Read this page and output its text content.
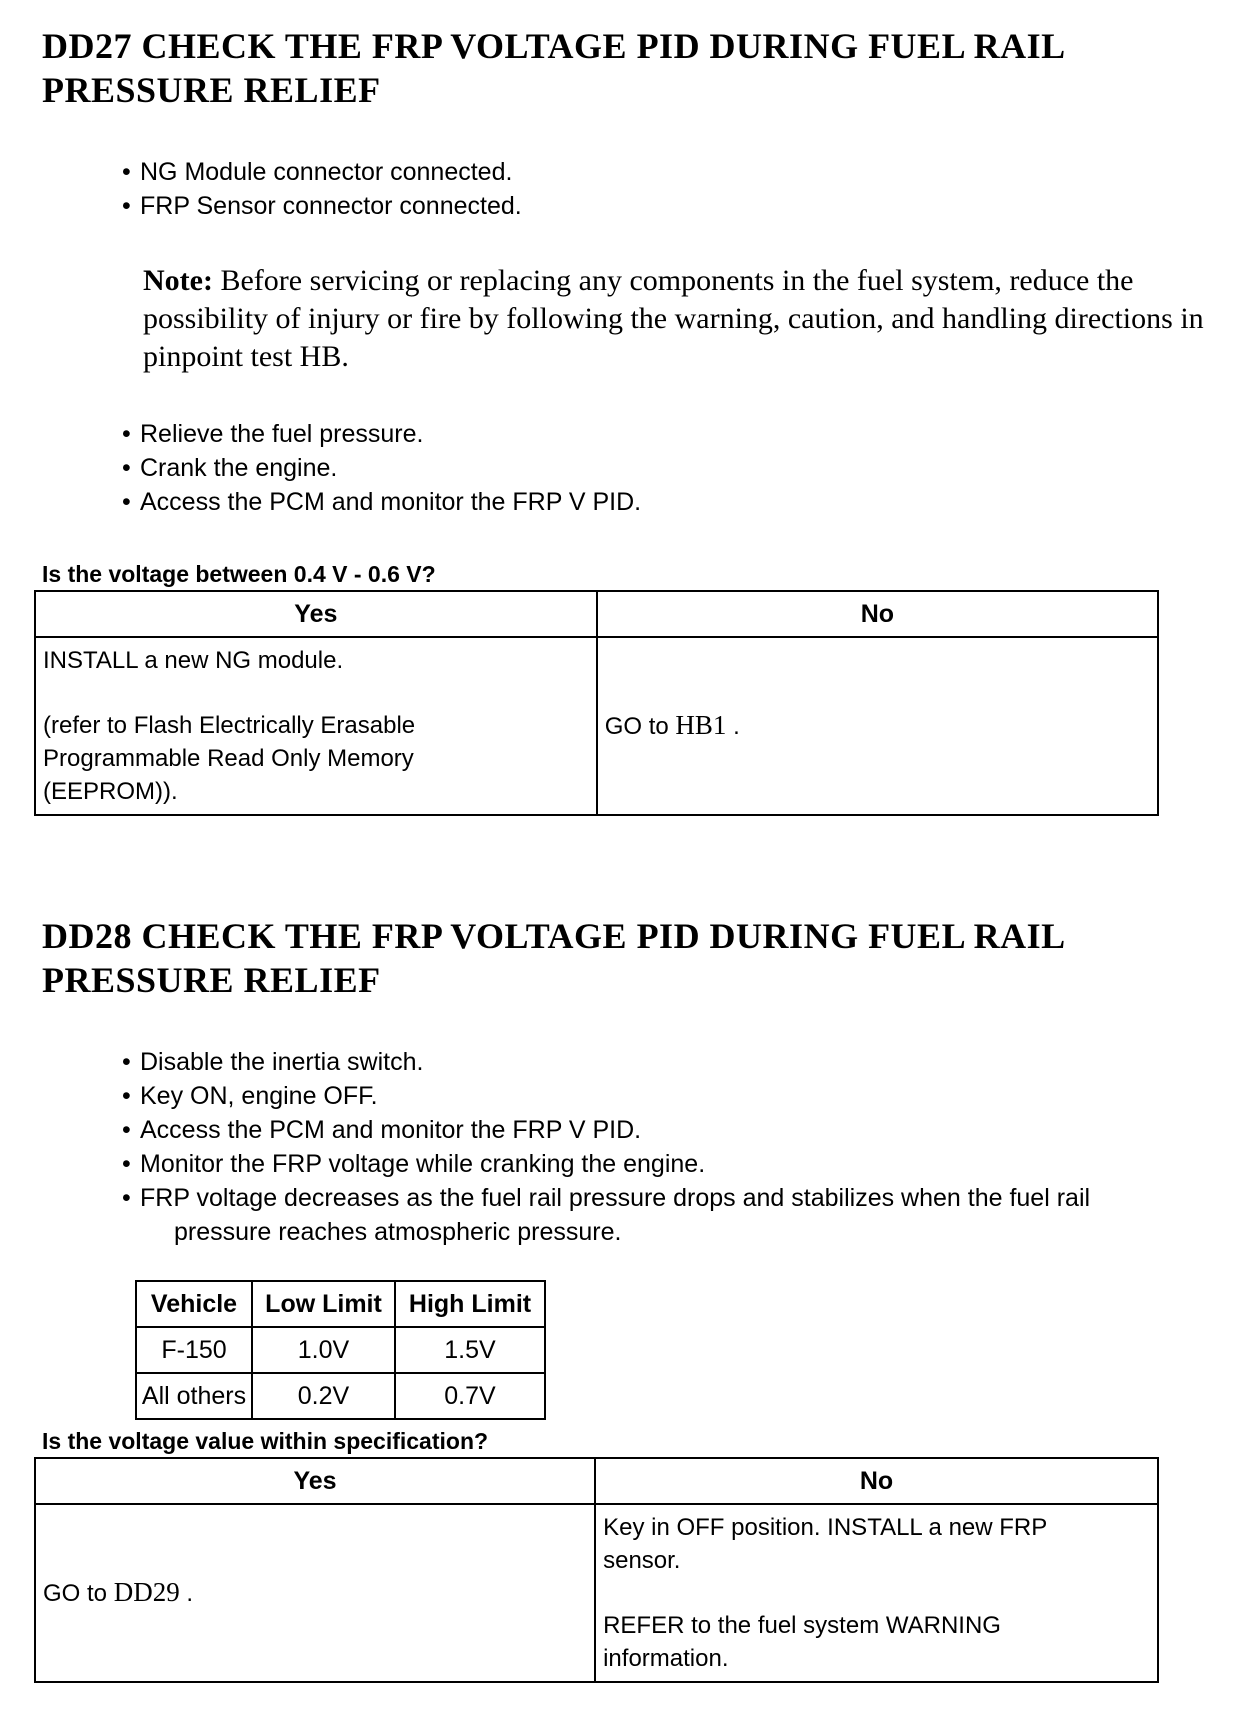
DD27 CHECK THE FRP VOLTAGE PID DURING FUEL RAIL
PRESSURE RELIEF
• NG Module connector connected.
• FRP Sensor connector connected.
Note: Before servicing or replacing any components in the fuel system, reduce the possibility of injury or fire by following the warning, caution, and handling directions in pinpoint test HB.
• Relieve the fuel pressure.
• Crank the engine.
• Access the PCM and monitor the FRP V PID.
Is the voltage between 0.4 V - 0.6 V?
Yes	No

INSTALL a new NG module.

(refer to Flash Electrically Erasable Programmable Read Only Memory (EEPROM)).	GO to HB1 .
DD28 CHECK THE FRP VOLTAGE PID DURING FUEL RAIL
PRESSURE RELIEF
• Disable the inertia switch.
• Key ON, engine OFF.
• Access the PCM and monitor the FRP V PID.
• Monitor the FRP voltage while cranking the engine.
• FRP voltage decreases as the fuel rail pressure drops and stabilizes when the fuel rail
pressure reaches atmospheric pressure.
Vehicle	Low Limit	High Limit
F-150	1.0V	1.5V
All others	0.2V	0.7V
Is the voltage value within specification?
Yes	No
GO to DD29 .	Key in OFF position. INSTALL a new FRP sensor.

REFER to the fuel system WARNING information.
